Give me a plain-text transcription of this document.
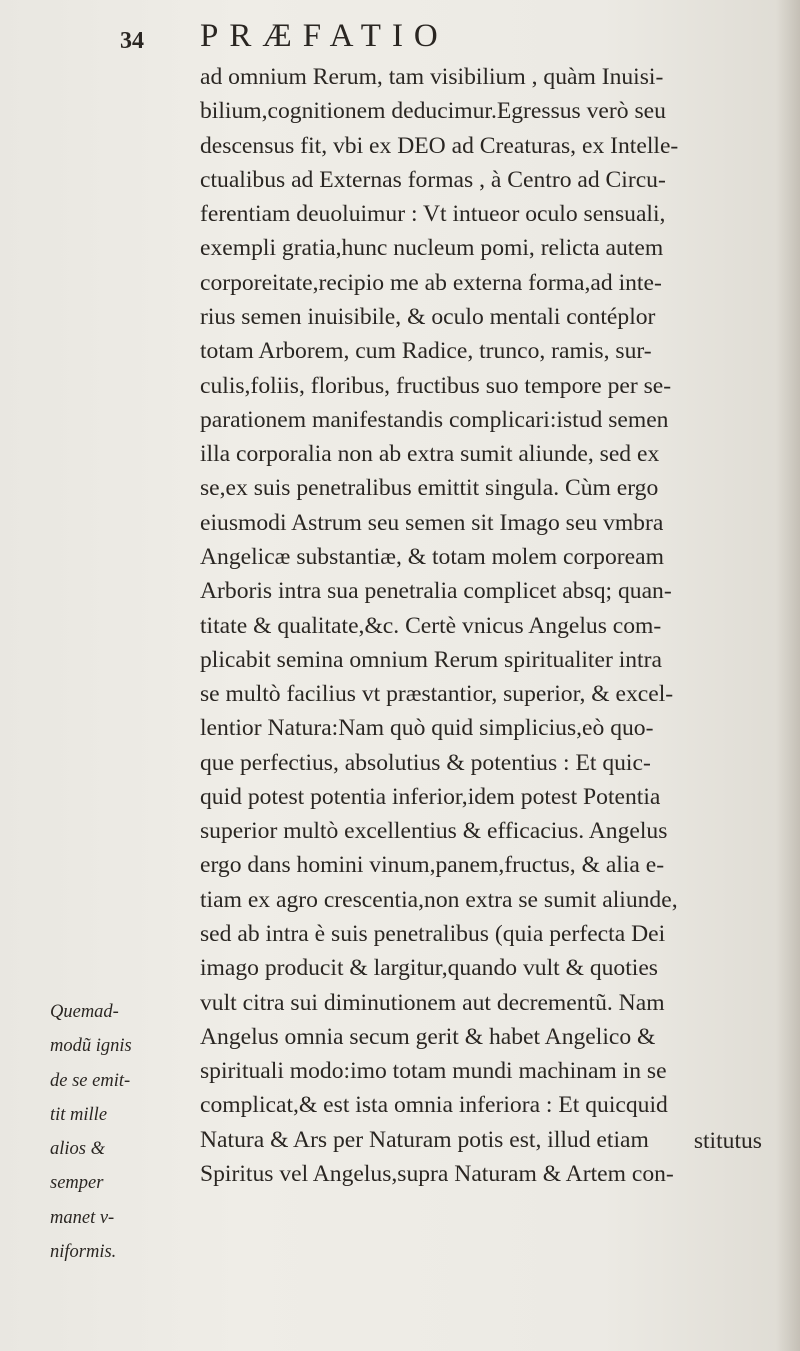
34 PRÆFATIO
ad omnium Rerum, tam visibilium , quàm Inuisi-
bilium,cognitionem deducimur.Egressus verò seu
descensus fit, vbi ex DEO ad Creaturas, ex Intelle-
ctualibus ad Externas formas , à Centro ad Circu-
ferentiam deuoluimur : Vt intueor oculo sensuali,
exempli gratia,hunc nucleum pomi, relicta autem
corporeitate,recipio me ab externa forma,ad inte-
rius semen inuisibile, & oculo mentali contéplor
totam Arborem, cum Radice, trunco, ramis, sur-
culis,foliis, floribus, fructibus suo tempore per se-
parationem manifestandis complicari:istud semen
illa corporalia non ab extra sumit aliunde, sed ex
se,ex suis penetralibus emittit singula. Cùm ergo
eiusmodi Astrum seu semen sit Imago seu vmbra
Angelicæ substantiæ, & totam molem corpoream
Arboris intra sua penetralia complicet absq; quan-
titate & qualitate,&c. Certè vnicus Angelus com-
plicabit semina omnium Rerum spiritualiter intra
se multò facilius vt præstantior, superior, & excel-
lentior Natura:Nam quò quid simplicius,eò quo-
que perfectius, absolutius & potentius : Et quic-
quid potest potentia inferior,idem potest Potentia
superior multò excellentius & efficacius. Angelus
ergo dans homini vinum,panem,fructus, & alia e-
tiam ex agro crescentia,non extra se sumit aliunde,
sed ab intra è suis penetralibus (quia perfecta Dei
imago producit & largitur,quando vult & quoties
vult citra sui diminutionem aut decrementũ. Nam
Angelus omnia secum gerit & habet Angelico &
spirituali modo:imo totam mundi machinam in se
complicat,& est ista omnia inferiora : Et quicquid
Natura & Ars per Naturam potis est, illud etiam
Spiritus vel Angelus,supra Naturam & Artem con-
Quemad-
modũ ignis
de se emit-
tit mille
alios &
semper
manet v-
niformis.
stitutus
